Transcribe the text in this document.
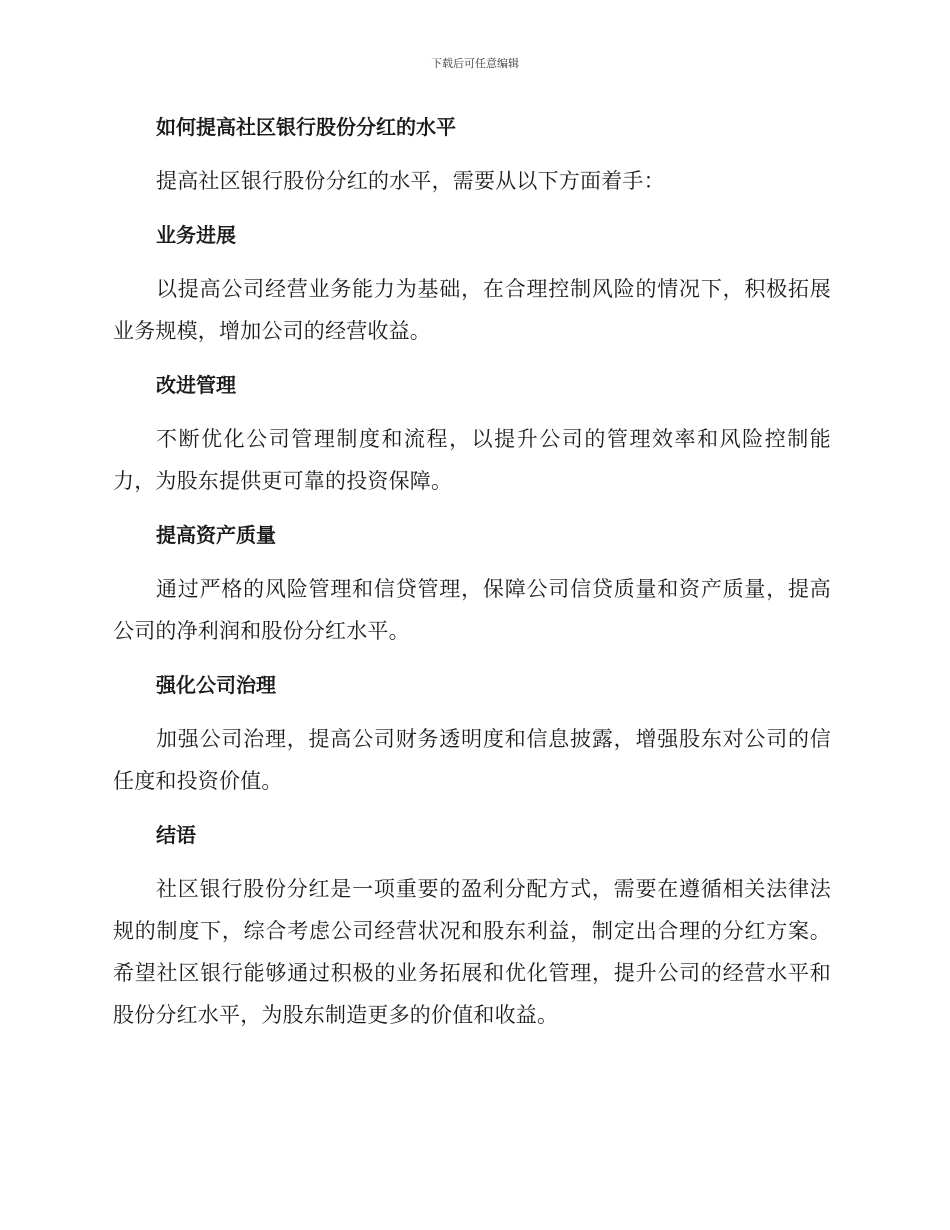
下载后可任意编辑
如何提高社区银行股份分红的水平

提高社区银行股份分红的水平，需要从以下方面着手：

业务进展

以提高公司经营业务能力为基础，在合理控制风险的情况下，积极拓展业务规模，增加公司的经营收益。

改进管理

不断优化公司管理制度和流程，以提升公司的管理效率和风险控制能力，为股东提供更可靠的投资保障。

提高资产质量

通过严格的风险管理和信贷管理，保障公司信贷质量和资产质量，提高公司的净利润和股份分红水平。

强化公司治理

加强公司治理，提高公司财务透明度和信息披露，增强股东对公司的信任度和投资价值。

结语

社区银行股份分红是一项重要的盈利分配方式，需要在遵循相关法律法规的制度下，综合考虑公司经营状况和股东利益，制定出合理的分红方案。希望社区银行能够通过积极的业务拓展和优化管理，提升公司的经营水平和股份分红水平，为股东制造更多的价值和收益。
